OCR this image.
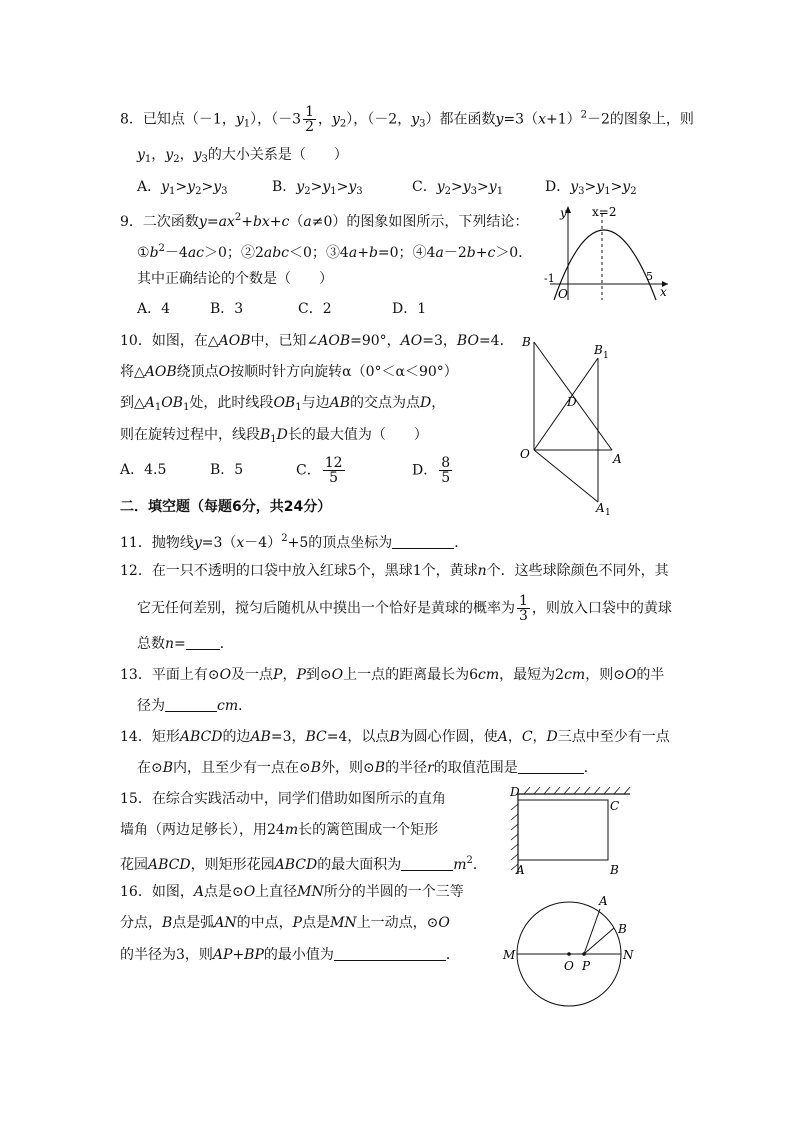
8．已知点（－1，$y_1$），（$-3 \frac{1}{2}$ ，$y_2$），（－2，$y_3$）都在函数$y=3(x+1)^2-2$的图象上，则
$y_1$，$y_2$，$y_3$的大小关系是（　　）
A．$y_1>y_2>y_3$	B．$y_2>y_1>y_3$	C．$y_2>y_3>y_1$	D．$y_3>y_1>y_2$
9．二次函数$y=ax^2+bx+c(a\ne 0)$的图象如图所示，下列结论：
$①b^2-4ac>0$；②2abc＜0；③4a+b=0；④4a－2b+c＞0．
其中正确结论的个数是（　　）
A．4	B．3	C．2	D．1
y x=2
-1	5
O	x
10．如图，在△AOB中，已知∠AOB=90°，AO=3，BO=4．
将△AOB绕顶点O按顺时针方向旋转α（0°＜α＜90°）
到$\triangle A_1OB_1$处，此时线段$OB_1$与边AB的交点为点D，
则在旋转过程中，线段$B_1D$长的最大值为（　　）
A．4.5	B．5	C． $\frac{12}{5}$	D． $\frac{8}{5}$
B
B 1
D
O	A
A 1
二．填空题（每题6分，共24分）
11．抛物线$y=3(x-4)^2+5$的顶点坐标为	．
12．在一只不透明的口袋中放入红球5个，黑球1个，黄球n个．这些球除颜色不同外，其
它无任何差别，搅匀后随机从中摸出一个恰好是黄球的概率为 $\frac{1}{3}$ ，则放入口袋中的黄球
总数n= ．
13．平面上有⊙O及一点P，P到⊙O上一点的距离最长为6cm，最短为2cm，则⊙O的半
径为	cm．
14．矩形ABCD的边AB=3，BC=4，以点B为圆心作圆，使A，C，D三点中至少有一点
在⊙B内，且至少有一点在⊙B外，则⊙B的半径r的取值范围是	．
15．在综合实践活动中，同学们借助如图所示的直角
墙角（两边足够长），用24m长的篱笆围成一个矩形
花园ABCD，则矩形花园ABCD的最大面积为	$m^2$．
D
C
A	B
16．如图，A点是⊙O上直径MN所分的半圆的一个三等
分点，B点是弧AN的中点，P点是MN上一动点，⊙O
的半径为3，则AP+BP的最小值为	．
A
B
M	N
O P
